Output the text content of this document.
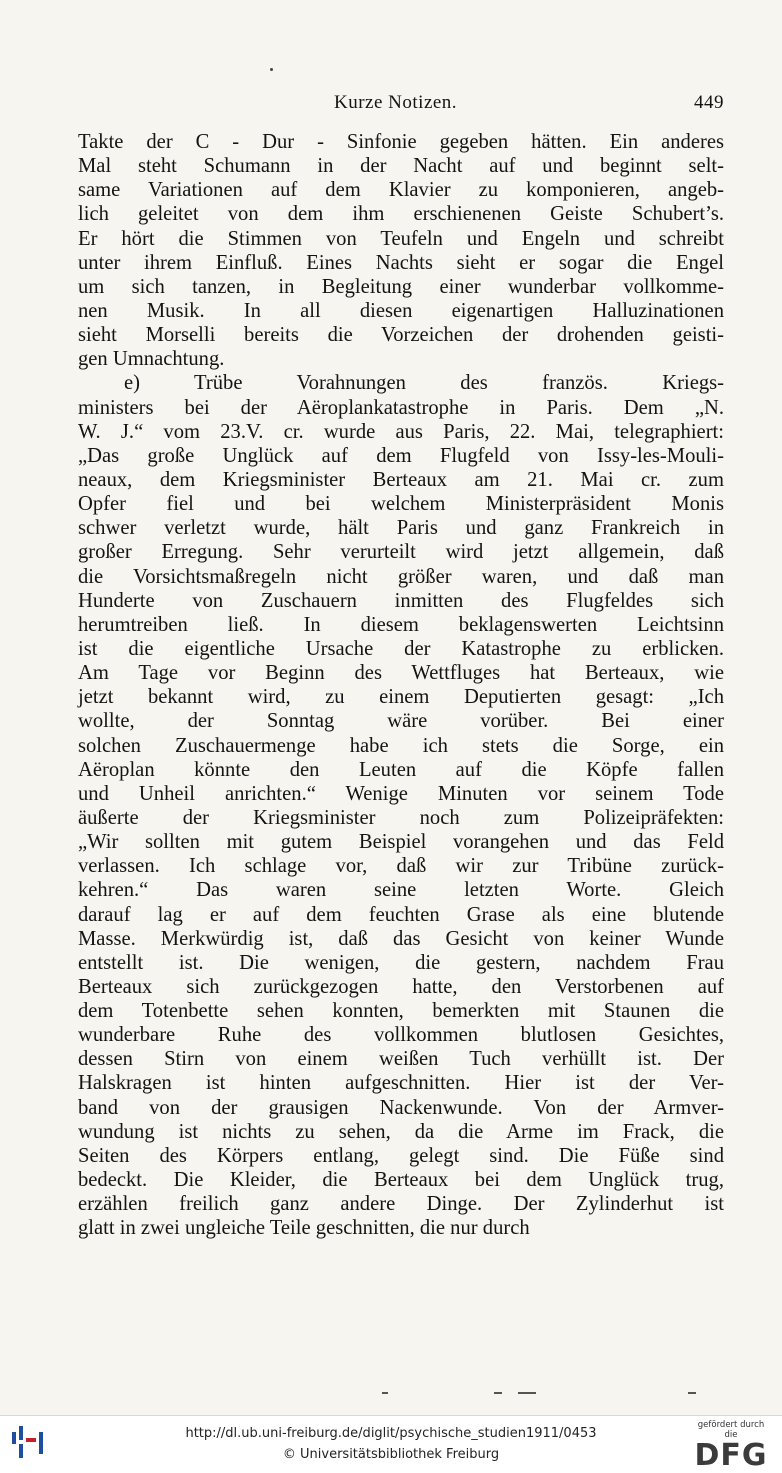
Kurze Notizen.	449
Takte der C - Dur - Sinfonie gegeben hätten. Ein anderes
Mal steht Schumann in der Nacht auf und beginnt selt-
same Variationen auf dem Klavier zu komponieren, angeb-
lich geleitet von dem ihm erschienenen Geiste Schubert’s.
Er hört die Stimmen von Teufeln und Engeln und schreibt
unter ihrem Einfluß. Eines Nachts sieht er sogar die Engel
um sich tanzen, in Begleitung einer wunderbar vollkomme-
nen Musik. In all diesen eigenartigen Halluzinationen
sieht Morselli bereits die Vorzeichen der drohenden geisti-
gen Umnachtung.
e) Trübe Vorahnungen des französ. Kriegs-
ministers bei der Aëroplankatastrophe in Paris. Dem „N.
W. J.“ vom 23.V. cr. wurde aus Paris, 22. Mai, telegraphiert:
„Das große Unglück auf dem Flugfeld von Issy-les-Mouli-
neaux, dem Kriegsminister Berteaux am 21. Mai cr. zum
Opfer fiel und bei welchem Ministerpräsident Monis
schwer verletzt wurde, hält Paris und ganz Frankreich in
großer Erregung. Sehr verurteilt wird jetzt allgemein, daß
die Vorsichtsmaßregeln nicht größer waren, und daß man
Hunderte von Zuschauern inmitten des Flugfeldes sich
herumtreiben ließ. In diesem beklagenswerten Leichtsinn
ist die eigentliche Ursache der Katastrophe zu erblicken.
Am Tage vor Beginn des Wettfluges hat Berteaux, wie
jetzt bekannt wird, zu einem Deputierten gesagt: „Ich
wollte, der Sonntag wäre vorüber. Bei einer
solchen Zuschauermenge habe ich stets die Sorge, ein
Aëroplan könnte den Leuten auf die Köpfe fallen
und Unheil anrichten.“ Wenige Minuten vor seinem Tode
äußerte der Kriegsminister noch zum Polizeipräfekten:
„Wir sollten mit gutem Beispiel vorangehen und das Feld
verlassen. Ich schlage vor, daß wir zur Tribüne zurück-
kehren.“ Das waren seine letzten Worte. Gleich
darauf lag er auf dem feuchten Grase als eine blutende
Masse. Merkwürdig ist, daß das Gesicht von keiner Wunde
entstellt ist. Die wenigen, die gestern, nachdem Frau
Berteaux sich zurückgezogen hatte, den Verstorbenen auf
dem Totenbette sehen konnten, bemerkten mit Staunen die
wunderbare Ruhe des vollkommen blutlosen Gesichtes,
dessen Stirn von einem weißen Tuch verhüllt ist. Der
Halskragen ist hinten aufgeschnitten. Hier ist der Ver-
band von der grausigen Nackenwunde. Von der Armver-
wundung ist nichts zu sehen, da die Arme im Frack, die
Seiten des Körpers entlang, gelegt sind. Die Füße sind
bedeckt. Die Kleider, die Berteaux bei dem Unglück trug,
erzählen freilich ganz andere Dinge. Der Zylinderhut ist
glatt in zwei ungleiche Teile geschnitten, die nur durch
http://dl.ub.uni-freiburg.de/diglit/psychische_studien1911/0453
© Universitätsbibliothek Freiburg
gefördert durch die
DFG
